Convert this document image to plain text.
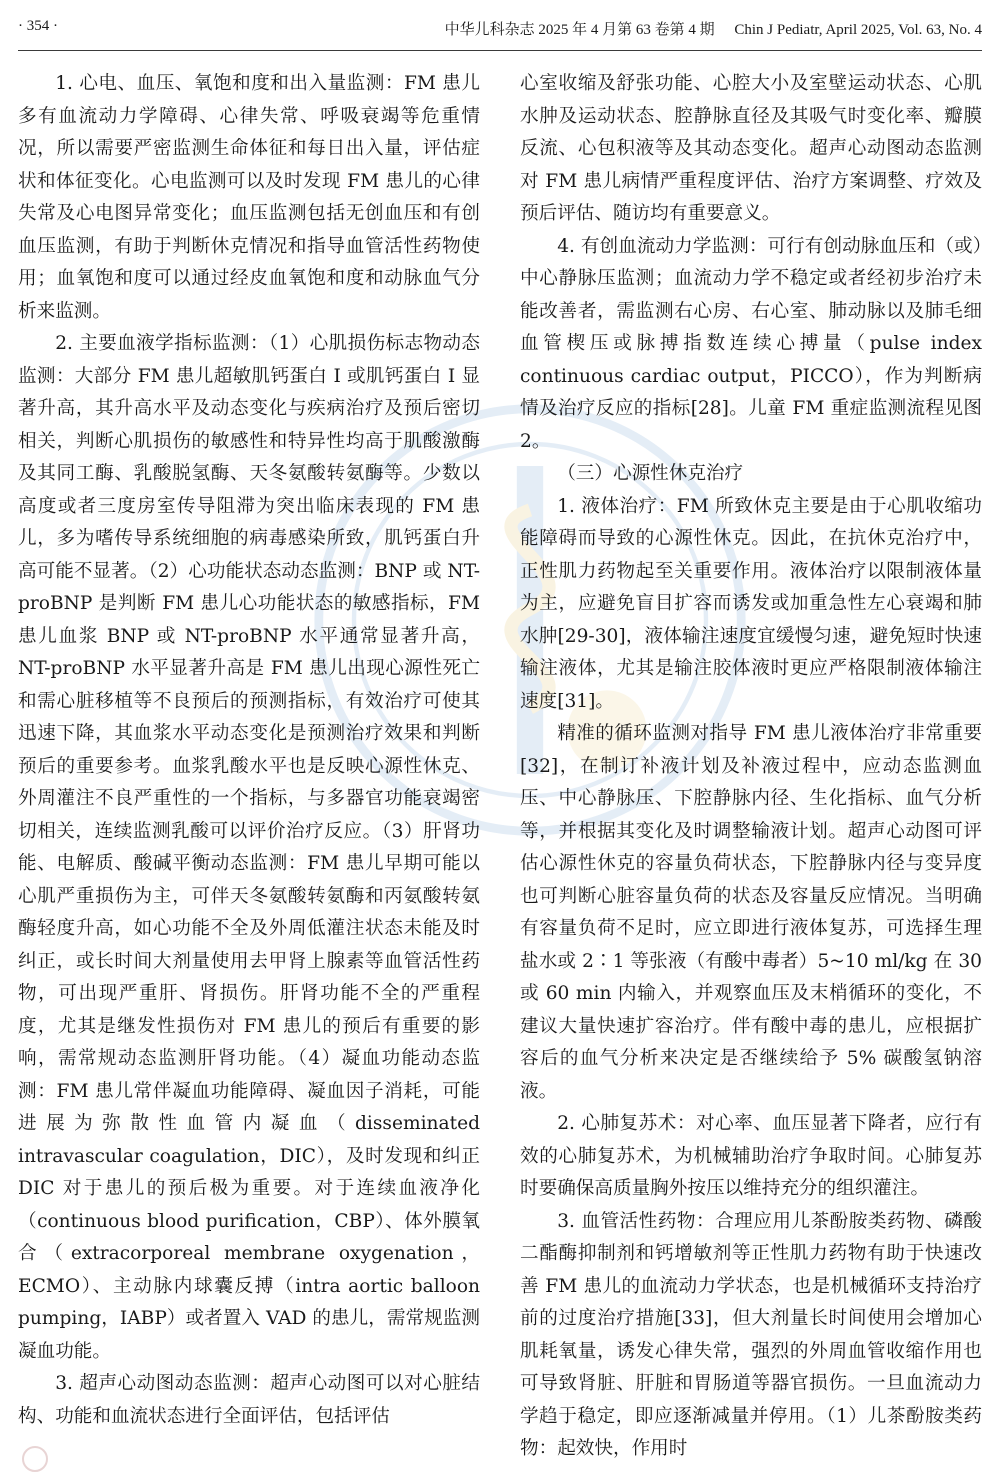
· 354 ·	中华儿科杂志 2025 年 4 月第 63 卷第 4 期 Chin J Pediatr, April 2025, Vol. 63, No. 4

1. 心电、血压、氧饱和度和出入量监测：FM 患儿多有血流动力学障碍、心律失常、呼吸衰竭等危重情况，所以需要严密监测生命体征和每日出入量，评估症状和体征变化。心电监测可以及时发现 FM 患儿的心律失常及心电图异常变化；血压监测包括无创血压和有创血压监测，有助于判断休克情况和指导血管活性药物使用；血氧饱和度可以通过经皮血氧饱和度和动脉血气分析来监测。

2. 主要血液学指标监测：（1）心肌损伤标志物动态监测：大部分 FM 患儿超敏肌钙蛋白 I 或肌钙蛋白 I 显著升高，其升高水平及动态变化与疾病治疗及预后密切相关，判断心肌损伤的敏感性和特异性均高于肌酸激酶及其同工酶、乳酸脱氢酶、天冬氨酸转氨酶等。少数以高度或者三度房室传导阻滞为突出临床表现的 FM 患儿，多为嗜传导系统细胞的病毒感染所致，肌钙蛋白升高可能不显著。（2）心功能状态动态监测：BNP 或 NT-proBNP 是判断 FM 患儿心功能状态的敏感指标，FM 患儿血浆 BNP 或 NT-proBNP 水平通常显著升高，NT-proBNP 水平显著升高是 FM 患儿出现心源性死亡和需心脏移植等不良预后的预测指标，有效治疗可使其迅速下降，其血浆水平动态变化是预测治疗效果和判断预后的重要参考。血浆乳酸水平也是反映心源性休克、外周灌注不良严重性的一个指标，与多器官功能衰竭密切相关，连续监测乳酸可以评价治疗反应。（3）肝肾功能、电解质、酸碱平衡动态监测：FM 患儿早期可能以心肌严重损伤为主，可伴天冬氨酸转氨酶和丙氨酸转氨酶轻度升高，如心功能不全及外周低灌注状态未能及时纠正，或长时间大剂量使用去甲肾上腺素等血管活性药物，可出现严重肝、肾损伤。肝肾功能不全的严重程度，尤其是继发性损伤对 FM 患儿的预后有重要的影响，需常规动态监测肝肾功能。（4）凝血功能动态监测：FM 患儿常伴凝血功能障碍、凝血因子消耗，可能进展为弥散性血管内凝血（disseminated intravascular coagulation，DIC），及时发现和纠正 DIC 对于患儿的预后极为重要。对于连续血液净化（continuous blood purification，CBP）、体外膜氧合（extracorporeal membrane oxygenation，ECMO）、主动脉内球囊反搏（intra aortic balloon pumping，IABP）或者置入 VAD 的患儿，需常规监测凝血功能。

3. 超声心动图动态监测：超声心动图可以对心脏结构、功能和血流状态进行全面评估，包括评估

心室收缩及舒张功能、心腔大小及室壁运动状态、心肌水肿及运动状态、腔静脉直径及其吸气时变化率、瓣膜反流、心包积液等及其动态变化。超声心动图动态监测对 FM 患儿病情严重程度评估、治疗方案调整、疗效及预后评估、随访均有重要意义。

4. 有创血流动力学监测：可行有创动脉血压和（或）中心静脉压监测；血流动力学不稳定或者经初步治疗未能改善者，需监测右心房、右心室、肺动脉以及肺毛细血管楔压或脉搏指数连续心搏量（pulse index continuous cardiac output，PICCO），作为判断病情及治疗反应的指标[28]。儿童 FM 重症监测流程见图 2。

（三）心源性休克治疗

1. 液体治疗：FM 所致休克主要是由于心肌收缩功能障碍而导致的心源性休克。因此，在抗休克治疗中，正性肌力药物起至关重要作用。液体治疗以限制液体量为主，应避免盲目扩容而诱发或加重急性左心衰竭和肺水肿[29-30]，液体输注速度宜缓慢匀速，避免短时快速输注液体，尤其是输注胶体液时更应严格限制液体输注速度[31]。

精准的循环监测对指导 FM 患儿液体治疗非常重要[32]，在制订补液计划及补液过程中，应动态监测血压、中心静脉压、下腔静脉内径、生化指标、血气分析等，并根据其变化及时调整输液计划。超声心动图可评估心源性休克的容量负荷状态，下腔静脉内径与变异度也可判断心脏容量负荷的状态及容量反应情况。当明确有容量负荷不足时，应立即进行液体复苏，可选择生理盐水或 2∶1 等张液（有酸中毒者）5~10 ml/kg 在 30 或 60 min 内输入，并观察血压及末梢循环的变化，不建议大量快速扩容治疗。伴有酸中毒的患儿，应根据扩容后的血气分析来决定是否继续给予 5% 碳酸氢钠溶液。

2. 心肺复苏术：对心率、血压显著下降者，应行有效的心肺复苏术，为机械辅助治疗争取时间。心肺复苏时要确保高质量胸外按压以维持充分的组织灌注。

3. 血管活性药物：合理应用儿茶酚胺类药物、磷酸二酯酶抑制剂和钙增敏剂等正性肌力药物有助于快速改善 FM 患儿的血流动力学状态，也是机械循环支持治疗前的过度治疗措施[33]，但大剂量长时间使用会增加心肌耗氧量，诱发心律失常，强烈的外周血管收缩作用也可导致肾脏、肝脏和胃肠道等器官损伤。一旦血流动力学趋于稳定，即应逐渐减量并停用。（1）儿茶酚胺类药物：起效快，作用时
